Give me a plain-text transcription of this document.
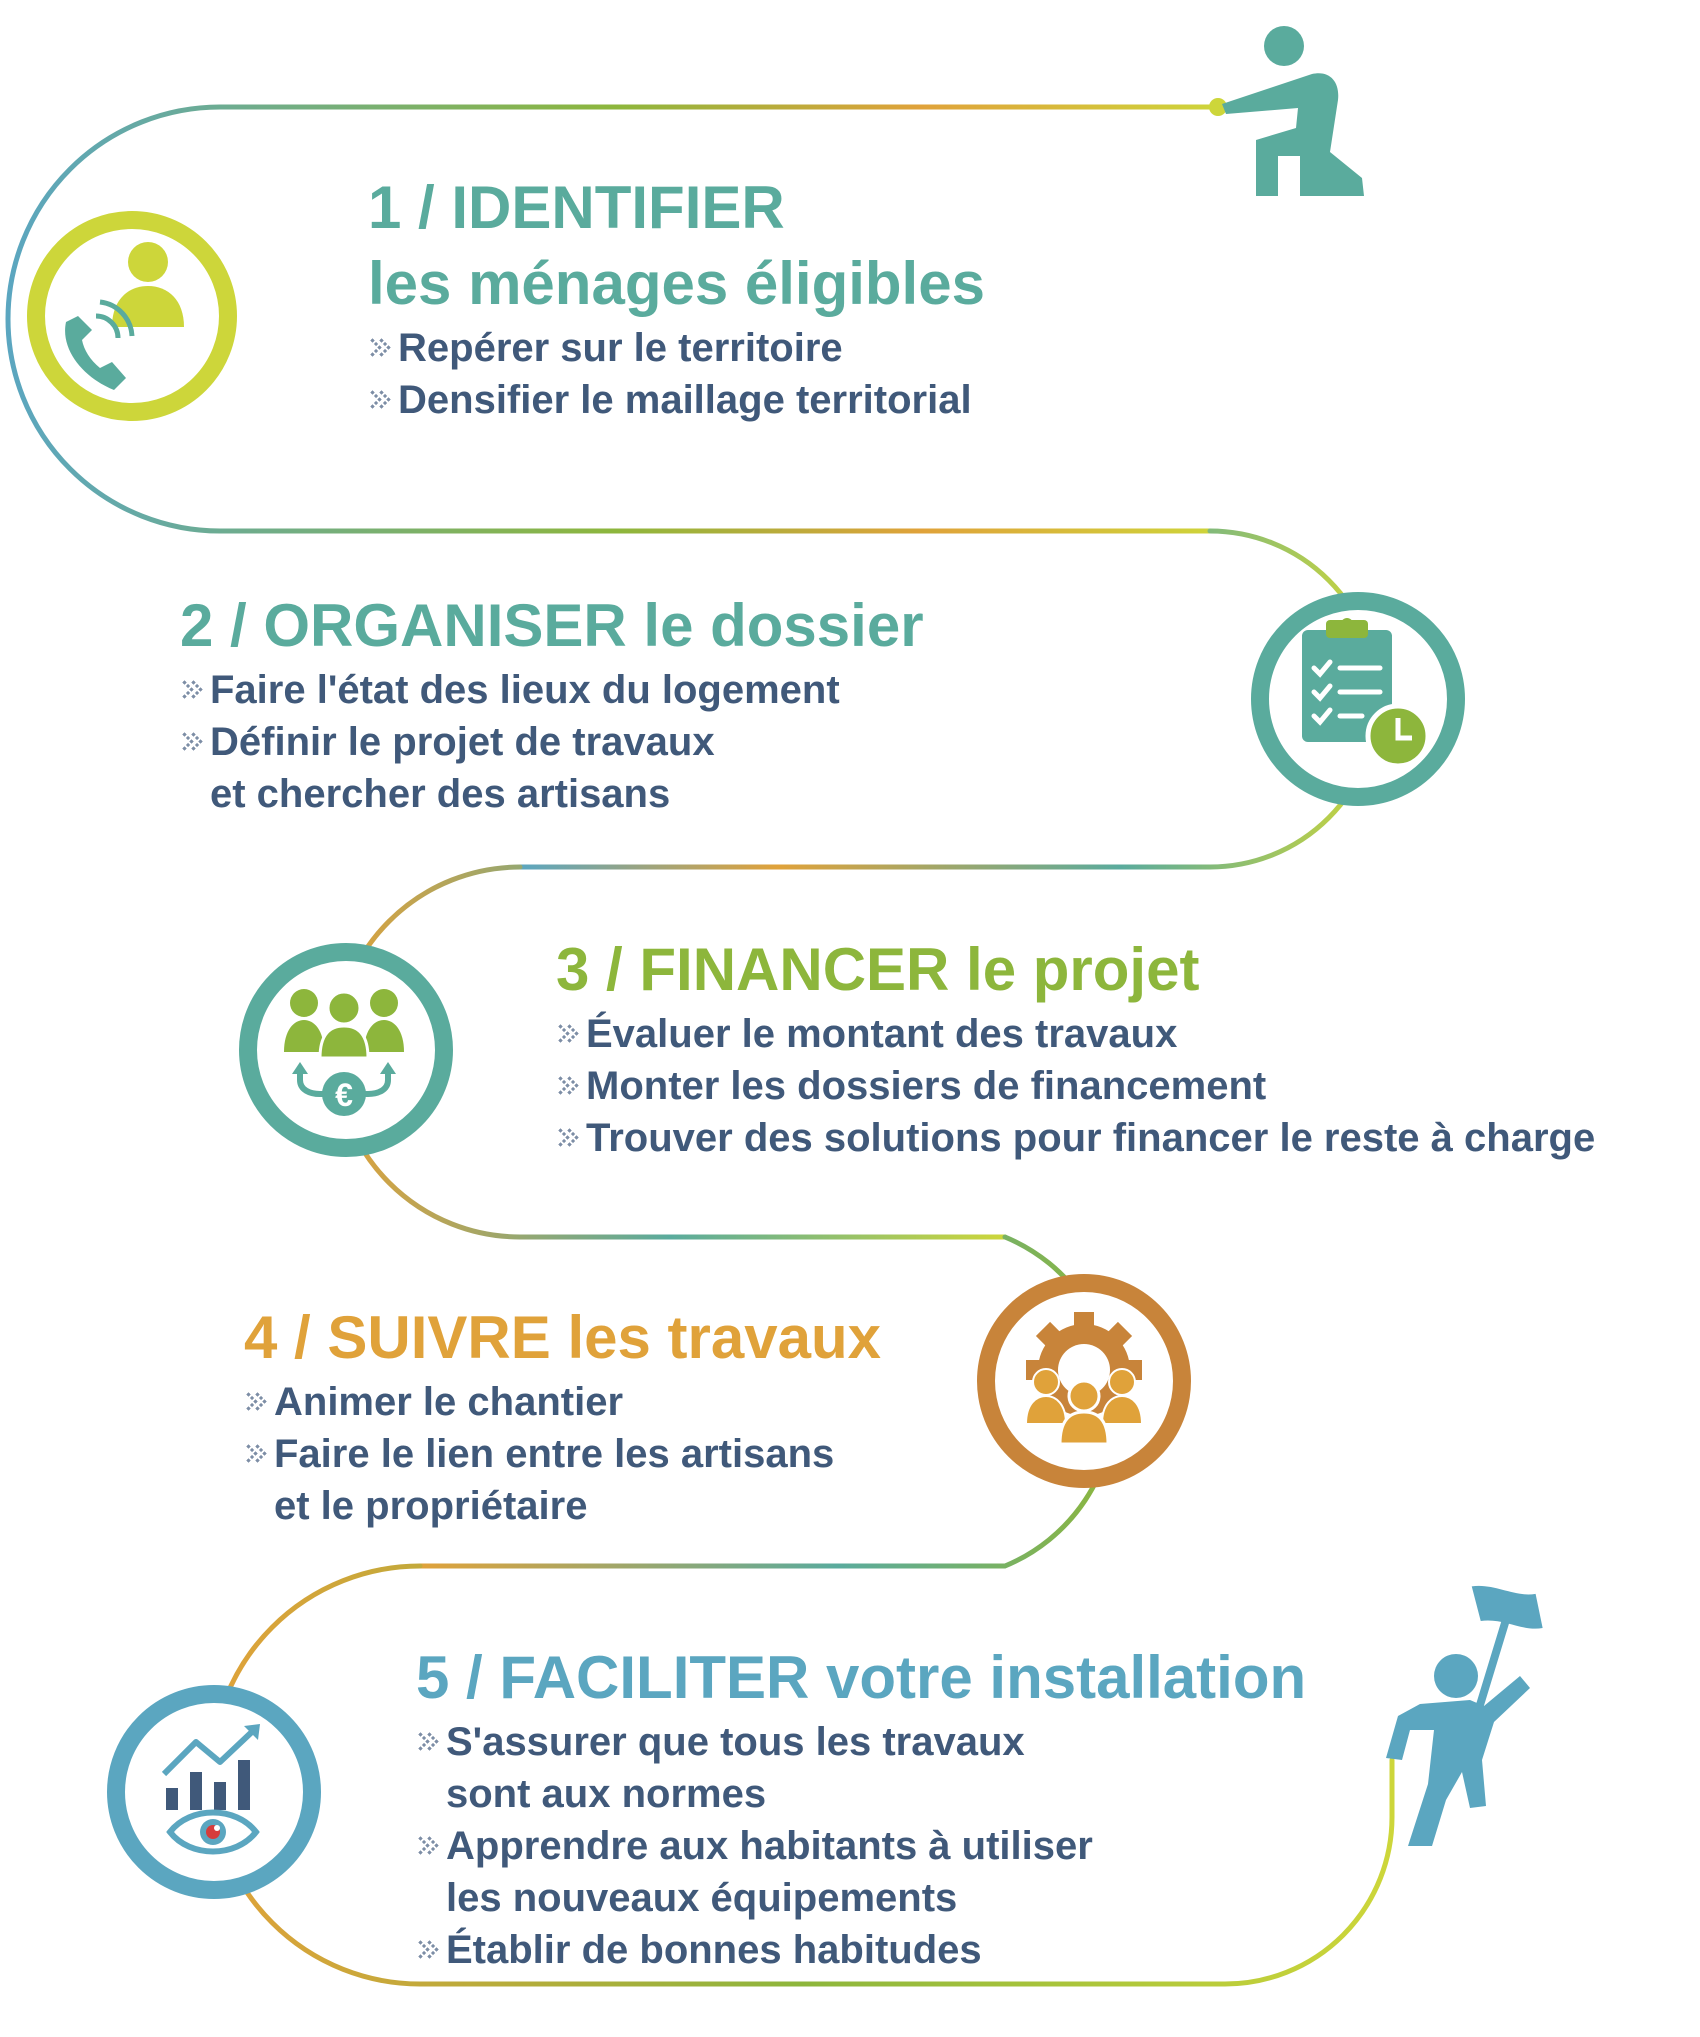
€
1 / IDENTIFIER
les ménages éligibles
Repérer sur le territoire
Densifier le maillage territorial
2 / ORGANISER le dossier
Faire l'état des lieux du logement
Définir le projet de travaux
et chercher des artisans
3 / FINANCER le projet
Évaluer le montant des travaux
Monter les dossiers de financement
Trouver des solutions pour financer le reste à charge
4 / SUIVRE les travaux
Animer le chantier
Faire le lien entre les artisans
et le propriétaire
5 / FACILITER votre installation
S'assurer que tous les travaux
sont aux normes
Apprendre aux habitants à utiliser
les nouveaux équipements
Établir de bonnes habitudes
